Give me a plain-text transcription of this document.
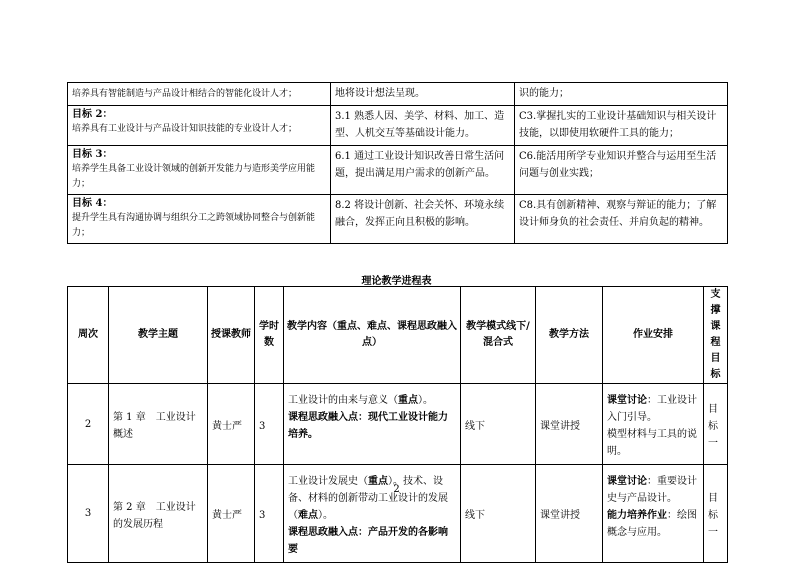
培养具有智能制造与产品设计相结合的智能化设计人才；	地将设计想法呈现。	识的能力；

目标 2：
培养具有工业设计与产品设计知识技能的专业设计人才；	3.1 熟悉人因、美学、材料、加工、造型、人机交互等基础设计能力。	C3.掌握扎实的工业设计基础知识与相关设计技能，以即使用软硬件工具的能力；

目标 3：
培养学生具备工业设计领域的创新开发能力与造形美学应用能力；	6.1 通过工业设计知识改善日常生活问题，提出满足用户需求的创新产品。	C6.能活用所学专业知识并整合与运用至生活问题与创业实践；

目标 4：
提升学生具有沟通协调与组织分工之跨领域协同整合与创新能力；	8.2 将设计创新、社会关怀、环境永续融合，发挥正向且积极的影响。	C8.具有创新精神、观察与辩证的能力；了解设计师身负的社会责任、并肩负起的精神。
理论教学进程表
周次	教学主题	授课教师	学时数	教学内容（重点、难点、课程思政融入点）	教学模式线下/混合式	教学方法	作业安排	支撑课程目标
2	第 1 章　工业设计概述	黄士严	3	工业设计的由来与意义（重点）。
课程思政融入点：现代工业设计能力培养。	线下	课堂讲授	课堂讨论：工业设计入门引导。
模型材料与工具的说明。	目标一
3	第 2 章　工业设计的发展历程	黄士严	3	工业设计发展史（重点）。技术、设备、材料的创新带动工业设计的发展（难点）。
课程思政融入点：产品开发的各影响要	线下	课堂讲授	课堂讨论：重要设计史与产品设计。
能力培养作业：绘图概念与应用。	目标一
2
